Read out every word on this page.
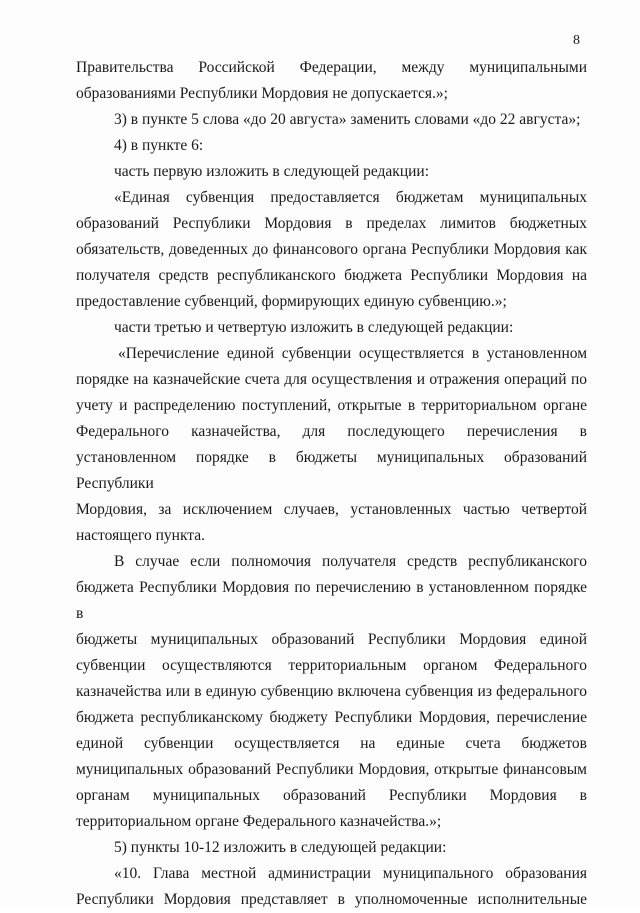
8

Правительства Российской Федерации, между муниципальными

образованиями Республики Мордовия не допускается.»;

3) в пункте 5 слова «до 20 августа» заменить словами «до 22 августа»;

4) в пункте 6:

часть первую изложить в следующей редакции:

«Единая субвенция предоставляется бюджетам муниципальных

образований Республики Мордовия в пределах лимитов бюджетных

обязательств, доведенных до финансового органа Республики Мордовия как

получателя средств республиканского бюджета Республики Мордовия на

предоставление субвенций, формирующих единую субвенцию.»;

части третью и четвертую изложить в следующей редакции:

«Перечисление единой субвенции осуществляется в установленном

порядке на казначейские счета для осуществления и отражения операций по

учету и распределению поступлений, открытые в территориальном органе

Федерального казначейства, для последующего перечисления в

установленном порядке в бюджеты муниципальных образований Республики

Мордовия, за исключением случаев, установленных частью четвертой

настоящего пункта.

В случае если полномочия получателя средств республиканского

бюджета Республики Мордовия по перечислению в установленном порядке в

бюджеты муниципальных образований Республики Мордовия единой

субвенции осуществляются территориальным органом Федерального

казначейства или в единую субвенцию включена субвенция из федерального

бюджета республиканскому бюджету Республики Мордовия, перечисление

единой субвенции осуществляется на единые счета бюджетов

муниципальных образований Республики Мордовия, открытые финансовым

органам муниципальных образований Республики Мордовия в

территориальном органе Федерального казначейства.»;

5) пункты 10-12 изложить в следующей редакции:

«10. Глава местной администрации муниципального образования

Республики Мордовия представляет в уполномоченные исполнительные
